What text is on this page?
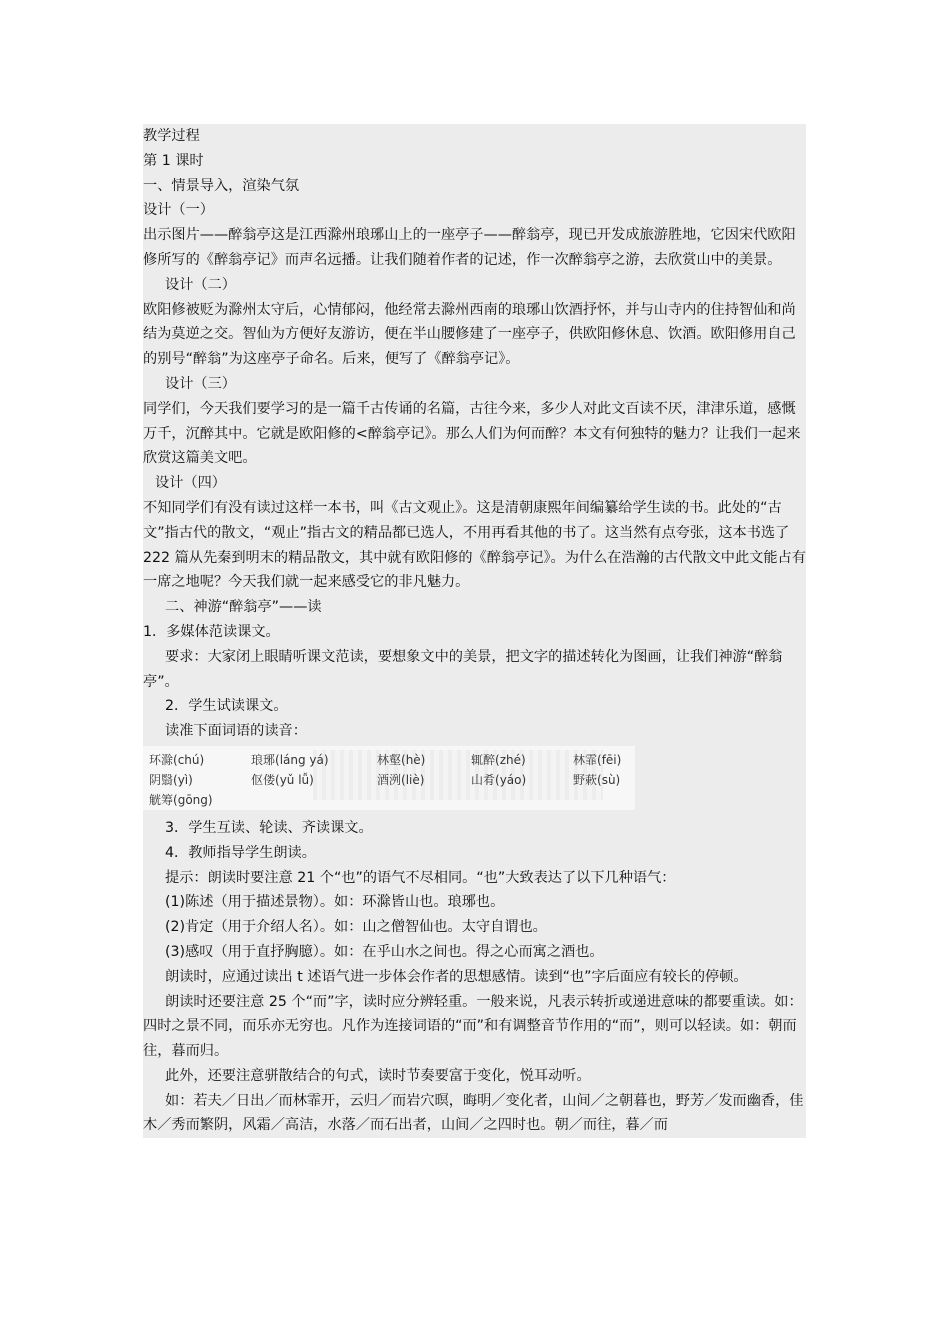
教学过程

第 1 课时

一、情景导入，渲染气氛

设计（一）

出示图片——醉翁亭这是江西滁州琅琊山上的一座亭子——醉翁亭，现已开发成旅游胜地，它因宋代欧阳修所写的《醉翁亭记》而声名远播。让我们随着作者的记述，作一次醉翁亭之游，去欣赏山中的美景。

设计（二）

欧阳修被贬为滁州太守后，心情郁闷，他经常去滁州西南的琅琊山饮酒抒怀，并与山寺内的住持智仙和尚结为莫逆之交。智仙为方便好友游访，便在半山腰修建了一座亭子，供欧阳修休息、饮酒。欧阳修用自己的别号“醉翁”为这座亭子命名。后来，便写了《醉翁亭记》。

设计（三）

同学们，今天我们要学习的是一篇千古传诵的名篇，古往今来，多少人对此文百读不厌，津津乐道，感慨万千，沉醉其中。它就是欧阳修的<醉翁亭记》。那么人们为何而醉？本文有何独特的魅力？让我们一起来欣赏这篇美文吧。

设计（四）

不知同学们有没有读过这样一本书，叫《古文观止》。这是清朝康熙年间编纂给学生读的书。此处的“古文”指古代的散文，“观止”指古文的精品都已选人，不用再看其他的书了。这当然有点夸张，这本书选了 222 篇从先秦到明末的精品散文，其中就有欧阳修的《醉翁亭记》。为什么在浩瀚的古代散文中此文能占有一席之地呢？今天我们就一起来感受它的非凡魅力。

二、神游“醉翁亭”——读

1．多媒体范读课文。

要求：大家闭上眼睛听课文范读，要想象文中的美景，把文字的描述转化为图画，让我们神游“醉翁亭”。

2．学生试读课文。

读准下面词语的读音：

环滁(chú)	琅琊(láng yá)	林壑(hè)	辄醉(zhé)	林霏(fēi)
阴翳(yì)	伛偻(yǔ lǚ)	酒洌(liè)	山肴(yáo)	野蔌(sù)
觥筹(gōng)

3．学生互读、轮读、齐读课文。

4．教师指导学生朗读。

提示：朗读时要注意 21 个“也”的语气不尽相同。“也”大致表达了以下几种语气：

(1)陈述（用于描述景物）。如：环滁皆山也。琅琊也。

(2)肯定（用于介绍人名）。如：山之僧智仙也。太守自谓也。

(3)感叹（用于直抒胸臆）。如：在乎山水之间也。得之心而寓之酒也。

朗读时，应通过读出 t 述语气进一步体会作者的思想感情。读到“也”字后面应有较长的停顿。

朗读时还要注意 25 个“而”字，读时应分辨轻重。一般来说，凡表示转折或递进意味的都要重读。如：四时之景不同，而乐亦无穷也。凡作为连接词语的“而”和有调整音节作用的“而”，则可以轻读。如：朝而往，暮而归。

此外，还要注意骈散结合的句式，读时节奏要富于变化，悦耳动听。

如：若夫／日出／而林霏开，云归／而岩穴暝，晦明／变化者，山间／之朝暮也，野芳／发而幽香，佳木／秀而繁阴，风霜／高洁，水落／而石出者，山间／之四时也。朝／而往，暮／而
